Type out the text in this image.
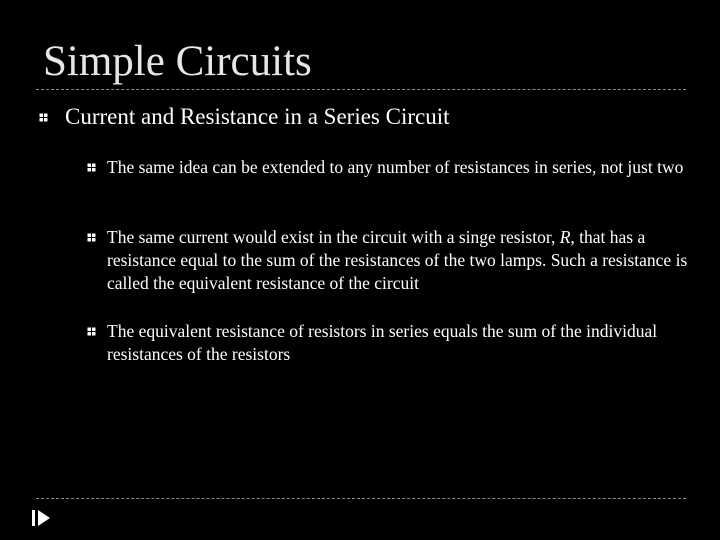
Simple Circuits
Current and Resistance in a Series Circuit
The same idea can be extended to any number of resistances in series, not just two
The same current would exist in the circuit with a singe resistor, R, that has a resistance equal to the sum of the resistances of the two lamps. Such a resistance is called the equivalent resistance of the circuit
The equivalent resistance of resistors in series equals the sum of the individual resistances of the resistors
